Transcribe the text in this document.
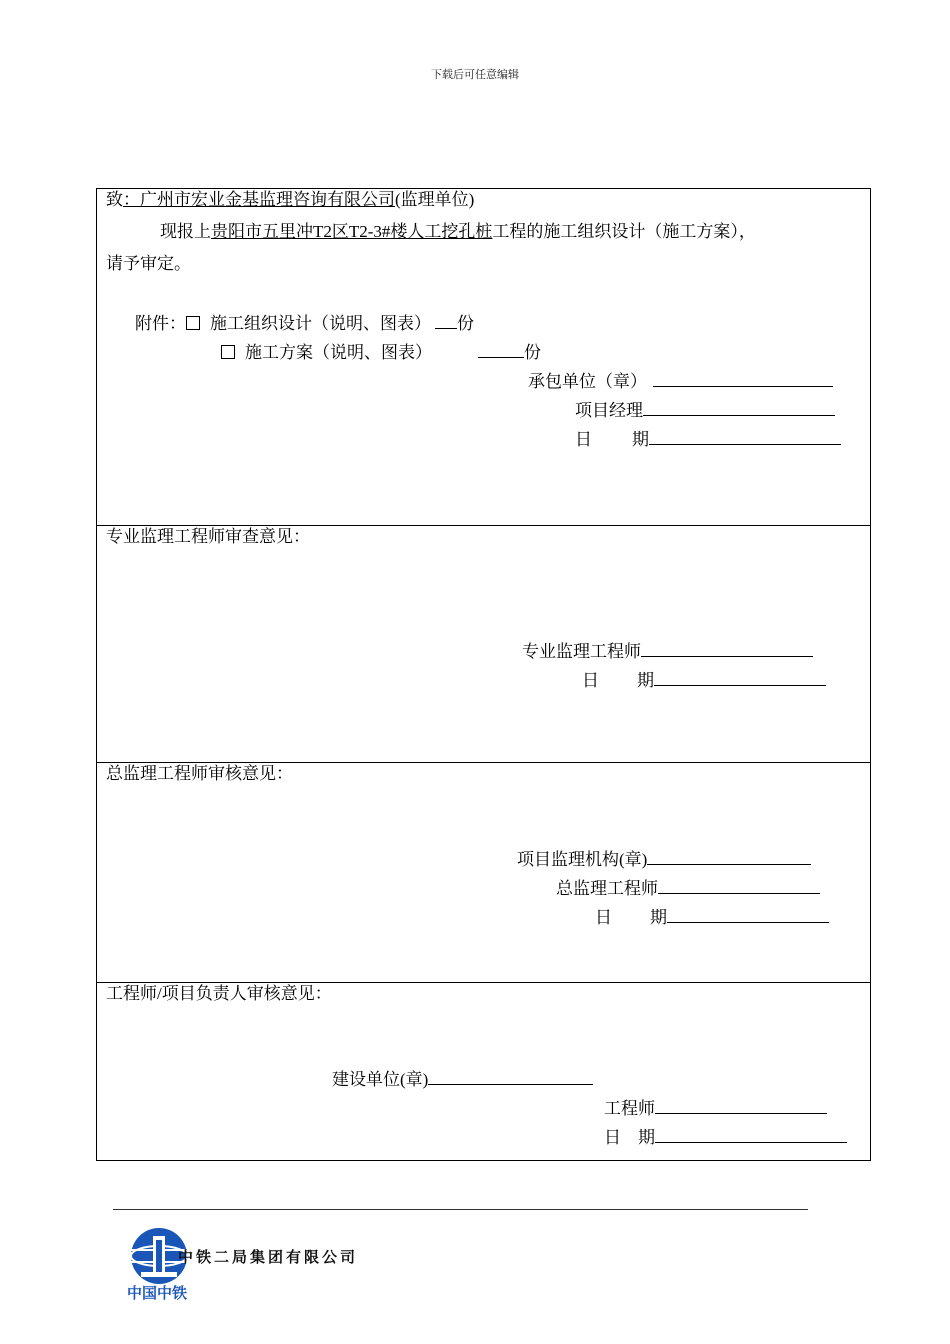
下载后可任意编辑
致：广州市宏业金基监理咨询有限公司(监理单位)
现报上贵阳市五里冲T2区T2-3#楼人工挖孔桩工程的施工组织设计（施工方案），
请予审定。
附件： 施工组织设计（说明、图表） 份
施工方案（说明、图表）	份
承包单位（章）
项目经理
日 期
专业监理工程师审查意见：
专业监理工程师
日 期
总监理工程师审核意见：
项目监理机构(章)
总监理工程师
日 期
工程师/项目负责人审核意见：
建设单位(章)
工程师
日 期
中铁二局集团有限公司
中国中铁
